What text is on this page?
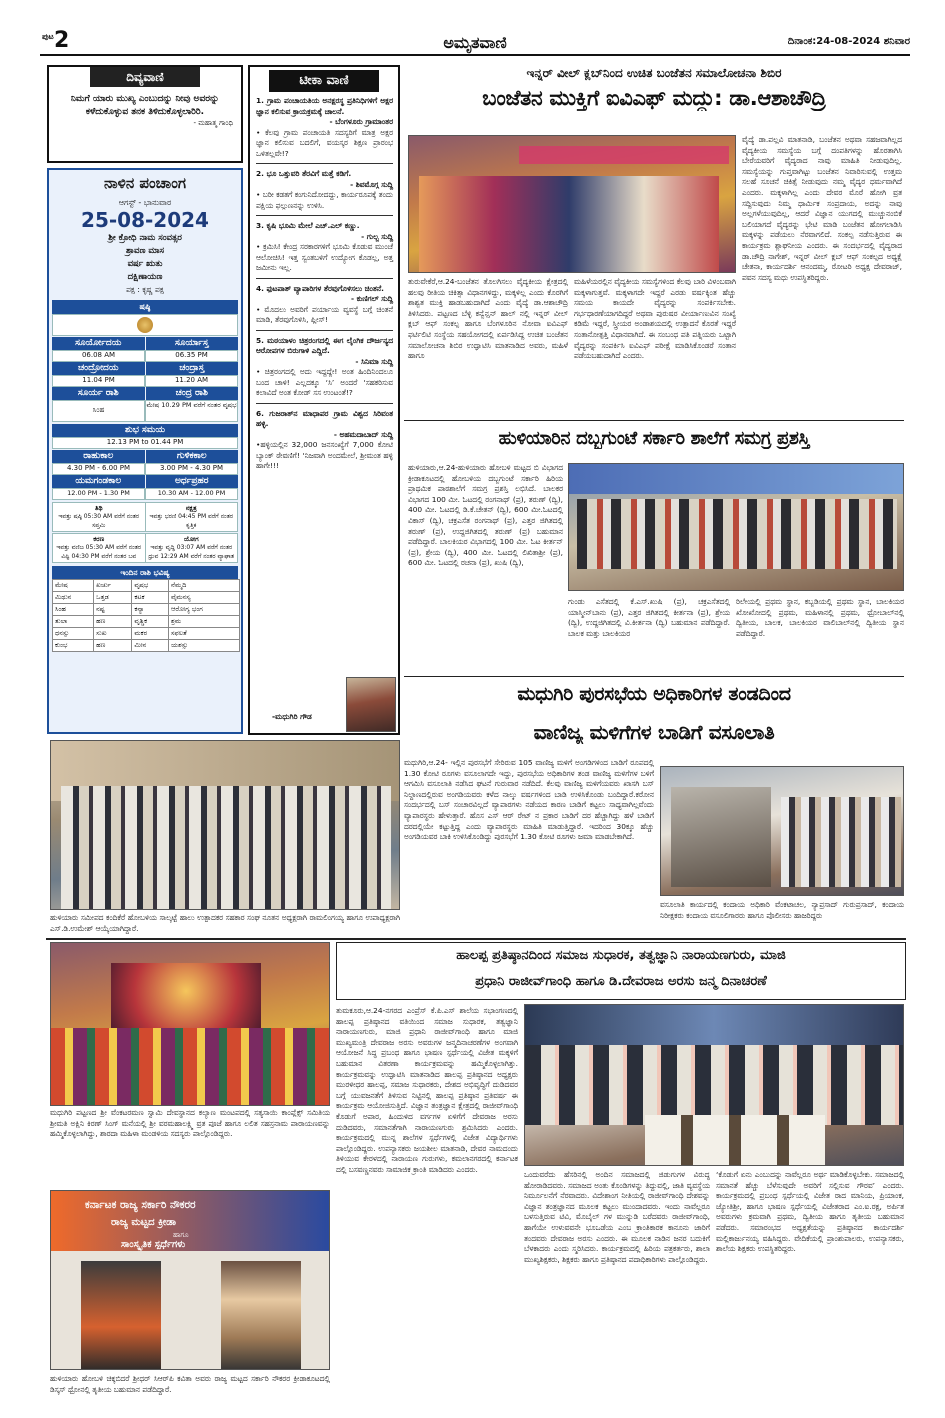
ಪುಟ 2	ಅಮೃತವಾಣಿ	ದಿನಾಂಕ:24-08-2024 ಶನಿವಾರ
ದಿವ್ಯವಾಣಿ
ನಿಮಗೆ ಯಾರು ಮುಖ್ಯ ಎಂಬುದನ್ನು ನೀವು ಅವರನ್ನು ಕಳೆದುಕೊಳ್ಳುವ ತನಕ ತಿಳಿದುಕೊಳ್ಳಲಾರಿರಿ.
- ಮಹಾತ್ಮ ಗಾಂಧಿ
ನಾಳಿನ ಪಂಚಾಂಗ
ಆಗಸ್ಟ್ - ಭಾನುವಾರ
25-08-2024
ಶ್ರೀ ಕ್ರೋಧಿ ನಾಮ ಸಂವತ್ಸರ
ಶ್ರಾವಣ ಮಾಸ
ವರ್ಷ ಋತು
ದಕ್ಷಿಣಾಯಣ
ಪಕ್ಷ : ಕೃಷ್ಣ ಪಕ್ಷ
ಷಷ್ಠಿ
ಸೂರ್ಯೋದಯ	ಸೂರ್ಯಾಸ್ತ
06.08 AM	06.35 PM
ಚಂದ್ರೋದಯ	ಚಂದ್ರಾಸ್ತ
11.04 PM	11.20 AM
ಸೂರ್ಯ ರಾಶಿ	ಚಂದ್ರ ರಾಶಿ
ಸಿಂಹ
ಮೇಷ 10.29 PM ವರೆಗೆ ನಂತರ ವೃಷಭ
ಶುಭ ಸಮಯ
12.13 PM to 01.44 PM
ರಾಹುಕಾಲ	ಗುಳಿಕಕಾಲ
4.30 PM - 6.00 PM	3.00 PM - 4.30 PM
ಯಮಗಂಡಕಾಲ	ಅರ್ಧಪ್ರಹರ
12.00 PM - 1.30 PM	10.30 AM - 12.00 PM
ತಿಥಿ
ಇವತ್ತು ಷಷ್ಠಿ 05:30 AM ವರೆಗೆ ನಂತರ ಸಪ್ತಮಿ
ನಕ್ಷತ್ರ
ಇವತ್ತು ಭರಣಿ 04:45 PM ವರೆಗೆ ನಂತರ ಕೃತ್ತಿಕ
ಕರಣ
ಇವತ್ತು ವಣಿಜ 05:30 AM ವರೆಗೆ ನಂತರ ವಿಷ್ಟಿ 04:30 PM ವರೆಗೆ ನಂತರ ಬವ
ಯೋಗ
ಇವತ್ತು ವೃದ್ಧಿ 03:07 AM ವರೆಗೆ ನಂತರ ಧ್ರುವ 12:29 AM ವರೆಗೆ ನಂತರ ವ್ಯಾಘಾತ
ಇಂದಿನ ರಾಶಿ ಭವಿಷ್ಯ
ಮೇಷ	ಖರ್ಚು	ವೃಷಭ	ನೆಮ್ಮದಿ
ಮಿಥುನ	ಒತ್ತಡ	ಕಟಕ	ವೈಮನಸ್ಯ
ಸಿಂಹ	ನಷ್ಟ	ಕನ್ಯಾ	ಆರೋಗ್ಯ ಭಂಗ
ತುಲಾ	ಹಣ	ವೃಶ್ಚಿಕ	ಶ್ರಮ
ಧನಸ್ಸು	ಸುಖ	ಮಕರ	ಸಫಲತೆ
ಕುಂಭ	ಹಣ	ಮೀನ	ಯಶಸ್ಸು
ಟೀಕಾ ವಾಣಿ
1. ಗ್ರಾಮ ಪಂಚಾಯತಿಯ ಅನಕ್ಷರಸ್ಥ ಪ್ರತಿನಿಧಿಗಳಿಗೆ ಅಕ್ಷರ ಜ್ಞಾನ ಕಲಿಸುವ ಕ್ರಾಯಕ್ರಮಕ್ಕೆ ಚಾಲನೆ.
- ಬೆಂಗಳೂರು ಗ್ರಾಮಾಂತರ
• ಕೆಲವು ಗ್ರಾಮ ಪಂಚಾಯತಿ ಸದಸ್ಯರಿಗೆ ಮಾತ್ರ ಅಕ್ಷರ ಜ್ಞಾನ ಕಲಿಸುವ ಬದಲಿಗೆ, ವಯಸ್ಕರ ಶಿಕ್ಷಣ ಪ್ರಾರಂಭ ಒಳಿತಲ್ಲವೇ!?
2. ಭೂ ಒತ್ತುವರಿ ತೆರವಿಗೆ ಮತ್ತೆ ಕಡಿಗೆ.
- ಶಿವಮೊಗ್ಗ ಸುದ್ದಿ
• ಬರೀ ಕಡತಗೆ ಕಂಗುನಿದೋದದ್ದು, ಕಾರ್ಯರೂಪಕ್ಕೆ ತಂದು ಪಕ್ಷಿಯ ಫಲ್ಗುಣನನ್ನು ಉಳಿಸಿ.
3. ಕೃಷಿ ಭೂಮಿ ಮೇಲೆ ಎಚ್.ಎಲ್ ಕಣ್ಣು.
- ಗುಲ್ಬ ಸುದ್ದಿ
• ಕ್ರಮಿಸಿ! ಕೇಂದ್ರ ಸರಕಾರಗಳಿಗೆ ಭೂಮಿ ಕೊಡುವ ಮುಂಚೆ ಆಲೋಚಿಸಿ! ಇತ್ತ ಸ್ವಂತಬಳಿಗೆ ಉದ್ಯೋಗ ಕೊಡಲ್ಲ, ಅತ್ತ ಜಮೀನು ಇಲ್ಲ.
4. ಫುಟಪಾತ್ ವ್ಯಾಪಾರಿಗಳ ತೆರವುಗೊಳಿಸಲು ಚಿಂತನೆ.
- ಕುಣಿಗಲ್ ಸುದ್ದಿ
• ಮೊದಲು ಅವರಿಗೆ ಪರ್ಯಾಯ ವ್ಯವಸ್ಥೆ ಬಗ್ಗೆ ಚಿಂತನೆ ಮಾಡಿ, ತೆರವುಗೊಳಿಸಿ, ಪ್ಲೀಸ್!
5. ಮಠಯಾಳಂ ಚಿತ್ರರಂಗದಲ್ಲಿ ಈಗ ಲೈಂಗಿಕ ದೌರ್ಜನ್ಯದ ಆರೋಪಗಳ ಬಿರುಗಾಳಿ ಎದ್ದಿದೆ.
- ಸಿನಿಮಾ ಸುದ್ದಿ
• ಚಿತ್ರರಂಗದಲ್ಲಿ ಅದು ಇದ್ದದ್ದೇ! ಅಂತ ಹಿಂದಿನಿಂದಲೂ ಬಂದ ಚಾಳಿ! ಎಲ್ಲದಕ್ಕೂ ‘ಸಿ’ ಅಂದರೆ ‘ಸಹಕರಿಸುವ ಕಲಾವಿದೆ ಅಂತ ಕೋಡ್ ಸಸ ಉಂಟಂತೆ!?
6. ಗುಜರಾತ್‌ನ ಮಾಧಾಪರ ಗ್ರಾಮ ವಿಶ್ವದ ಸಿರಿವಂತ ಹಳ್ಳಿ.
- ಅಹಮದಾಬಾದ್ ಸುದ್ದಿ
•ಹಳ್ಳಿಯಲ್ಲಿನ 32,000 ಜನಸಂಖ್ಯೆಗೆ 7,000 ಕೋಟಿ ಬ್ಯಾಂಕ್ ಠೇವಣಿಗೆ! ‘ನಿಜವಾಗಿ ಅಂದಮೇಲೆ, ಶ್ರೀಮಂತ ಹಳ್ಳಿ ಹಾಗೇ!!!
-ಮಧುಗಿರಿ ಗೌಡ
ಇನ್ನರ್ ವೀಲ್ ಕ್ಲಬ್‌ನಿಂದ ಉಚಿತ ಬಂಜೆತನ ಸಮಾಲೋಚನಾ ಶಿಬಿರ
ಬಂಜೆತನ ಮುಕ್ತಿಗೆ ಐವಿಎಫ್ ಮದ್ದು: ಡಾ.ಆಶಾಚೌದ್ರಿ
ತುರುವೇಕೆರೆ,ಆ.24-ಬಂಜೆತನ ತೊಲಗಿಸಲು ವೈದ್ಯಕೀಯ ಕ್ಷೇತ್ರದಲ್ಲಿ ಹಲವು ರೀತಿಯ ಚಿಕಿತ್ಸಾ ವಿಧಾನಗಳಿದ್ದು, ಮಕ್ಕಳಿಲ್ಲ ಎಂದು ಕೊರಗಿಗೆ ಶಾಶ್ವತ ಮುಕ್ತಿ ಹಾಡಬಹುದಾಗಿದೆ ಎಂದು ವೈದ್ಯೆ ಡಾ.ಆಶಾಚೌದ್ರಿ ತಿಳಿಸಿದರು. ಪಟ್ಟಣದ ಬೆಳ್ಳಿ ಕನ್ವೆನ್ಷನ್ ಹಾಲ್ ನಲ್ಲಿ ಇನ್ನರ್ ವೀಲ್ ಕ್ಲಬ್ ಆಫ್ ಸಂಕಲ್ಪ ಹಾಗೂ ಬೆಂಗಳೂರಿನ ನೋವಾ ಐವಿಎಫ್ ಫರ್ಟಿಲಿಟಿ ಸಂಸ್ಥೆಯ ಸಹಯೋಗದಲ್ಲಿ ಏರ್ಪಡಿಸಿದ್ದ ಉಚಿತ ಬಂಜೆತನ ಸಮಾಲೋಚನಾ ಶಿಬಿರ ಉದ್ಘಾಟಿಸಿ ಮಾತನಾಡಿದ ಅವರು, ಮಹಿಳೆ ಹಾಗೂ
ಮಹಿಳೆಯರಲ್ಲಿನ ವೈದ್ಯಕೀಯ ಸಮಸ್ಯೆಗಳಿಂದ ಕೆಲವು ಬಾರಿ ವಿಳಂಬವಾಗಿ ಮಕ್ಕಳಾಗುತ್ತವೆ. ಮಕ್ಕಳಾಗದೇ ಇದ್ದರೆ ಎರಡು ವರ್ಷಕ್ಕಿಂತ ಹೆಚ್ಚು ಸಮಯ ಕಾಯದೇ ವೈದ್ಯರನ್ನು ಸಂಪರ್ಕಿಸಬೇಕು. ಗರ್ಭಧಾರಣೆಯಾಗದಿದ್ದರೆ ಅಥವಾ ಪುರುಷರ ವೀರ್ಯಾಣುವಿನ ಸಂಖ್ಯೆ ಕಡಿಮೆ ಇದ್ದರೆ, ಸ್ತ್ರೀಯರ ಅಂಡಾಶಯದಲ್ಲಿ ಉತ್ಪಾದನೆ ಕೊರತೆ ಇದ್ದರೆ ಸಂತಾನೋತ್ಪತ್ತಿ ವಿಧಾನವಾಗಿದೆ. ಈ ಸಂಬಂಧ ಪತಿ ಪತ್ನಿಯರು ಒಟ್ಟಾಗಿ ವೈದ್ಯರನ್ನು ಸಂಪರ್ಕಿಸಿ ಐವಿಎಫ್ ಪರೀಕ್ಷೆ ಮಾಡಿಸಿಕೊಂಡರೆ ಸಂತಾನ ಪಡೆಯಬಹುದಾಗಿದೆ ಎಂದರು.
ವೈದ್ಯೆ ಡಾ.ಪಲ್ಲವಿ ಮಾತನಾಡಿ, ಬಂಜೆತನ ಅಥವಾ ಸಹಜವಾಗಿಲ್ಲದ ವೈದ್ಯಕೀಯ ಸಮಸ್ಯೆಯ ಬಗ್ಗೆ ದಂಪತಿಗಳನ್ನು ಹೊರತಾಗಿಸಿ ಬೇರೆಯವರಿಗೆ ವೈದ್ಯರಾದ ನಾವು ಮಾಹಿತಿ ನೀಡುವುದಿಲ್ಲ. ಸಮಸ್ಯೆಯನ್ನು ಗುಪ್ತವಾಗಿಟ್ಟು ಬಂಜೆತನ ನಿವಾರಿಸುವಲ್ಲಿ ಉತ್ತಮ ಸಲಹೆ ಸೂಚನೆ ಚಿಕಿತ್ಸೆ ನೀಡುವುದು ನಮ್ಮ ವೈದ್ಯರ ಧರ್ಮವಾಗಿದೆ ಎಂದರು. ಮಕ್ಕಳಾಗಿಲ್ಲ ಎಂದು ದೇವರ ಮೊರೆ ಹೋಗಿ ವ್ರತ ಸದ್ದಿಸುವುದು ನಿಮ್ಮ ಧಾರ್ಮಿಕ ಸಂಪ್ರದಾಯ, ಅದನ್ನು ನಾವು ಅಲ್ಲಗಳೆಯುವುದಿಲ್ಲ, ಆದರೆ ವಿಜ್ಞಾನ ಯುಗದಲ್ಲಿ ಮುಚ್ಚುನಂಬಿಕೆ ಬಲಿಯಾಗದೆ ವೈದ್ಯರನ್ನು ಭೇಟಿ ಮಾಡಿ ಬಂಜೆತನ ಹೋಗಲಾಡಿಸಿ ಮಕ್ಕಳನ್ನು ಪಡೆಯಲು ನೆರವಾಗಲಿದೆ. ಸಂಕಲ್ಪ ನಡೆಸುತ್ತಿರುವ ಈ ಕಾರ್ಯಕ್ರಮ ಶ್ಲಾಘನೀಯ ಎಂದರು. ಈ ಸಂದರ್ಭದಲ್ಲಿ ವೈದ್ಯರಾದ ಡಾ.ಚೌದ್ರಿ ನಾಗೇಶ್, ಇನ್ನರ್ ವೀಲ್ ಕ್ಲಬ್ ಆಫ್ ಸಂಕಲ್ಪದ ಅಧ್ಯಕ್ಷೆ ಚೇತನಾ, ಕಾರ್ಯದರ್ಶಿ ಆನಂದಮ್ಮ, ರೋಟರಿ ಅಧ್ಯಕ್ಷ ದೇವರಾಜ್, ಪವನ ಸದಸ್ಯ ಮಧು ಉಪಸ್ಥಿತರಿದ್ದರು.
ಹುಳಿಯಾರಿನ ದಬ್ಬಗುಂಟೆ ಸರ್ಕಾರಿ ಶಾಲೆಗೆ ಸಮಗ್ರ ಪ್ರಶಸ್ತಿ
ಹುಳಿಯಾರು,ಆ.24-ಹುಳಿಯಾರು ಹೋಬಳಿ ಮಟ್ಟದ ಬಿ ವಿಭಾಗದ ಕ್ರೀಡಾಕೂಟದಲ್ಲಿ ಹೋಬಳಿಯ ದಬ್ಬಗುಂಟೆ ಸರ್ಕಾರಿ ಹಿರಿಯ ಪ್ರಾಥಮಿಕ ಪಾಠಶಾಲೆಗೆ ಸಮಗ್ರ ಪ್ರಶಸ್ತಿ ಲಭಿಸಿದೆ. ಬಾಲಕರ ವಿಭಾಗದ 100 ಮೀ. ಓಟದಲ್ಲಿ ರಂಗನಾಥ್ (ಪ್ರ), ತರುಣ್ (ದ್ವಿ), 400 ಮೀ. ಓಟದಲ್ಲಿ ಡಿ.ಕೆ.ಚೇತನ್ (ದ್ವಿ), 600 ಮೀ.ಓಟದಲ್ಲಿ ವಿಕಾಸ್ (ದ್ವಿ), ಚಕ್ರಎಸೆತ ರಂಗನಾಥ್ (ಪ್ರ), ಎತ್ತರ ಜಿಗಿತದಲ್ಲಿ ತರುಣ್ (ಪ್ರ), ಉದ್ದಜಿಗಿತದಲ್ಲಿ ತರುಣ್ (ಪ್ರ) ಬಹುಮಾನ ಪಡೆದಿದ್ದಾರೆ. ಬಾಲಕಿಯರ ವಿಭಾಗದಲ್ಲಿ 100 ಮೀ. ಓಟ ಕೀರ್ತನ್ (ಪ್ರ), ಶ್ರೇಯ (ದ್ವಿ), 400 ಮೀ. ಓಟದಲ್ಲಿ ಲಿಖಿತಾಶ್ರೀ (ಪ್ರ), 600 ಮೀ. ಓಟದಲ್ಲಿ ರಚನಾ (ಪ್ರ), ಖುಷಿ (ದ್ವಿ),
ಗುಂಡು ಎಸೆತದಲ್ಲಿ ಕೆ.ಎಸ್.ಖುಷಿ (ಪ್ರ), ಚಕ್ರಎಸೆತದಲ್ಲಿ ಯಾಸ್ಮೀನ್‌ಬಾನು (ಪ್ರ), ಎತ್ತರ ಜಿಗಿತದಲ್ಲಿ ಕೀರ್ತನಾ (ಪ್ರ), ಶ್ರೇಯ (ದ್ವಿ), ಉದ್ದಜಿಗಿತದಲ್ಲಿ ವಿ.ಕೀರ್ತನಾ (ದ್ವಿ) ಬಹುಮಾನ ಪಡೆದಿದ್ದಾರೆ. ಬಾಲಕ ಮತ್ತು ಬಾಲಕಿಯರ
ರಿಲೇಯಲ್ಲಿ ಪ್ರಥಮ ಸ್ಥಾನ, ಕಬ್ಬಡಿಯಲ್ಲಿ ಪ್ರಥಮ ಸ್ಥಾನ, ಬಾಲಕಿಯರ ಖೋಖೋದಲ್ಲಿ ಪ್ರಥಮ, ಮಹಿಳಾನಲ್ಲಿ ಪ್ರಥಮ, ಥ್ರೋಬಾಲ್‌ನಲ್ಲಿ ದ್ವಿತೀಯ, ಬಾಲಕ, ಬಾಲಕಿಯರ ವಾಲಿಬಾಲ್‌ನಲ್ಲಿ ದ್ವಿತೀಯ ಸ್ಥಾನ ಪಡೆದಿದ್ದಾರೆ.
ಮಧುಗಿರಿ ಪುರಸಭೆಯ ಅಧಿಕಾರಿಗಳ ತಂಡದಿಂದ
ವಾಣಿಜ್ಯ ಮಳಿಗೆಗಳ ಬಾಡಿಗೆ ವಸೂಲಾತಿ
ಹುಳಿಯಾರು ಸಮೀಪದ ಕಂದಿಕೆರೆ ಹೋಬಳಿಯ ಸಾಲ್ಕಟ್ಟೆ ಹಾಲು ಉತ್ಪಾದಕರ ಸಹಕಾರ ಸಂಘ ನೂತನ ಅಧ್ಯಕ್ಷರಾಗಿ ರಾಮಲಿಂಗಯ್ಯ ಹಾಗೂ ಉಪಾಧ್ಯಕ್ಷರಾಗಿ ಎಸ್.ಡಿ.ಉಮೇಶ್ ಆಯ್ಕೆಯಾಗಿದ್ದಾರೆ.
ಮಧುಗಿರಿ,ಆ.24- ಇಲ್ಲಿನ ಪುರಸಭೆಗೆ ಸೇರಿರುವ 105 ವಾಣಿಜ್ಯ ಮಳಿಗೆ ಅಂಗಡಿಗಳಿಂದ ಬಾಡಿಗೆ ರೂಪದಲ್ಲಿ 1.30 ಕೋಟಿ ರೂಗಳು ವಸೂಲಾಗದೇ ಇದ್ದು, ಪುರಸಭೆಯ ಅಧಿಕಾರಿಗಳ ತಂಡ ವಾಣಿಜ್ಯ ಮಳಿಗೆಗಳ ಬಳಿಗೆ ಆಗಮಿಸಿ ವಸೂಲಾತಿ ನಡೆಸಿದ ಘಟನೆ ಗುರುವಾರ ನಡೆದಿದೆ. ಕೆಲವು ವಾಣಿಜ್ಯ ಮಳಿಗೆಯವರು ಖಾಸಗಿ ಬಸ್ ನಿಲ್ದಾಣದಲ್ಲಿರುವ ಅಂಗಡಿಯವರು ಕಳೆದ ನಾಲ್ಕು ವರ್ಷಗಳಿಂದ ಬಾಡಿ ಉಳಿಸಿಕೊಂಡು ಬಂದಿದ್ದಾರೆ.ಕರೋನ ಸಂದರ್ಭದಲ್ಲಿ ಬಸ್ ಸಂಚಾರವಿಲ್ಲದೆ ವ್ಯಾಪಾರಗಳು ನಡೆಯದ ಕಾರಣ ಬಾಡಿಗೆ ಕಟ್ಟಲು ಸಾಧ್ಯವಾಗಿಲ್ಲವೆಂದು ವ್ಯಾಪಾರಸ್ಥರು ಹೇಳುತ್ತಾರೆ. ಹೊಸ ಎಸ್ ಆರ್ ರೇಟ್ ನ ಪ್ರಕಾರ ಬಾಡಿಗೆ ದರ ಹೆಚ್ಚಾಗಿದ್ದು ಹಳೆ ಬಾಡಿಗೆ ದರದಲ್ಲಿಯೇ ಕಟ್ಟುತ್ತಿದ್ದ ಎಂದು ವ್ಯಾಪಾರಸ್ಥರು ಮಾಹಿತಿ ಮಾಡುತ್ತಿದ್ದಾರೆ. ಇದರಿಂದ 30ಕ್ಕೂ ಹೆಚ್ಚು ಅಂಗಡಿಯವರ ಬಾಕಿ ಉಳಿಸಿಕೊಂಡಿದ್ದು ಪುರಸಭೆಗೆ 1.30 ಕೋಟಿ ರೂಗಳು ಜಮಾ ಮಾಡಬೇಕಾಗಿದೆ.
ವಸೂಲಾತಿ ಕಾರ್ಯದಲ್ಲಿ ಕಂದಾಯ ಅಧಿಕಾರಿ ವೆಂಕಟಾಚಲ, ನ್ಯಾಪ್ರಸಾದ್ ಗುರುಪ್ರಸಾದ್, ಕಂದಾಯ ನಿರೀಕ್ಷಕರು ಕಂದಾಯ ವಸೂಲಿಗಾರರು ಹಾಗೂ ಪೊಲೀಸರು ಹಾಜರಿದ್ದರು
ಹಾಲಪ್ಪ ಪ್ರತಿಷ್ಠಾನದಿಂದ ಸಮಾಜ ಸುಧಾರಕ, ತತ್ವಜ್ಞಾನಿ ನಾರಾಯಣಗುರು, ಮಾಜಿ
ಪ್ರಧಾನಿ ರಾಜೀವ್‌ಗಾಂಧಿ ಹಾಗೂ ಡಿ.ದೇವರಾಜ ಅರಸು ಜನ್ಮ ದಿನಾಚರಣೆ
ಮಧುಗಿರಿ ಪಟ್ಟಣದ ಶ್ರೀ ವೆಂಕಟರಮಣ ಸ್ವಾಮಿ ದೇವಸ್ಥಾನದ ಕಲ್ಯಾಣ ಮಂಟಪದಲ್ಲಿ ಸತ್ಯಸಾಯಿ ಕಾಂಪ್ಲೆಕ್ಸ್ ಸಮಿತಿಯ ಶ್ರೀಮತಿ ಅಕ್ಷಿನಿ ಕಿರಣ್ ಸಿಂಗ್ ಮನೆಯಲ್ಲಿ ಶ್ರೀ ವರಮಹಾಲಕ್ಷ್ಮಿ ವ್ರತ ಪೂಜೆ ಹಾಗೂ ಲಲಿತ ಸಹಸ್ರನಾಮ ಪಾರಾಯಣವನ್ನು ಹಮ್ಮಿಕೊಳ್ಳಲಾಗಿದ್ದು, ಶಾರದಾ ಮಹಿಳಾ ಮಂಡಳಿಯ ಸದಸ್ಯರು ಪಾಲ್ಗೊಂಡಿದ್ದರು.
ಕರ್ನಾಟಕ ರಾಜ್ಯ ಸರ್ಕಾರಿ ನೌಕರರ
ರಾಜ್ಯ ಮಟ್ಟದ ಕ್ರೀಡಾ
ಹಾಗೂ
ಸಾಂಸ್ಕೃತಿಕ ಸ್ಪರ್ಧೆಗಳು
ಹುಳಿಯಾರು ಹೋಬಳಿ ಚಿಕ್ಕಬಿದರೆ ಶ್ರೀಧರ್ ಸಿಆರ್‌ಪಿ ಕವಿತಾ ಅವರು ರಾಜ್ಯ ಮಟ್ಟದ ಸರ್ಕಾರಿ ನೌಕರರ ಕ್ರೀಡಾಕೂಟದಲ್ಲಿ ಡಿಸ್ಕಸ್ ಥ್ರೋನಲ್ಲಿ ತೃತೀಯ ಬಹುಮಾನ ಪಡೆದಿದ್ದಾರೆ.
ತುಮಕೂರು,ಆ.24-ನಗರದ ಎಂಪ್ರೆಸ್ ಕೆ.ಪಿ.ಎಸ್ ಶಾಲೆಯ ಸಭಾಂಗಣದಲ್ಲಿ ಹಾಲಪ್ಪ ಪ್ರತಿಷ್ಠಾನದ ವತಿಯಿಂದ ಸಮಾಜ ಸುಧಾರಕ, ತತ್ವಜ್ಞಾನಿ ನಾರಾಯಣಗುರು, ಮಾಜಿ ಪ್ರಧಾನಿ ರಾಜೀವ್‌ಗಾಂಧಿ ಹಾಗೂ ಮಾಜಿ ಮುಖ್ಯಮಂತ್ರಿ ದೇವರಾಜ ಅರಸು ಅವರುಗಳ ಜನ್ಮದಿನಾಚರಣೆಗಳ ಅಂಗವಾಗಿ ಆಯೋಜನೆ ಸಿದ್ಧ ಪ್ರಬಂಧ ಹಾಗೂ ಭಾಷಣ ಸ್ಪರ್ಧೆಯಲ್ಲಿ ವಿಜೇತ ಮಕ್ಕಳಿಗೆ ಬಹುಮಾನ ವಿತರಣಾ ಕಾರ್ಯಕ್ರಮವನ್ನು ಹಮ್ಮಿಕೊಳ್ಳಲಾಗಿತ್ತು. ಕಾರ್ಯಕ್ರಮವನ್ನು ಉದ್ಘಾಟಿಸಿ ಮಾತನಾಡಿದ ಹಾಲಪ್ಪ ಪ್ರತಿಷ್ಠಾನದ ಅಧ್ಯಕ್ಷರು ಮುರಳೀಧರ ಹಾಲಪ್ಪ, ಸಮಾಜ ಸುಧಾರಕರು, ದೇಶದ ಅಭಿವೃದ್ಧಿಗೆ ದುಡಿದವರ ಬಗ್ಗೆ ಯುವಜನತೆಗೆ ತಿಳಿಸುವ ನಿಟ್ಟಿನಲ್ಲಿ ಹಾಲಪ್ಪ ಪ್ರತಿಷ್ಠಾನ ಪ್ರತಿವರ್ಷ ಈ ಕಾರ್ಯಕ್ರಮ ಆಯೋಜಿಸುತ್ತಿದೆ. ವಿಜ್ಞಾನ ತಂತ್ರಜ್ಞಾನ ಕ್ಷೇತ್ರದಲ್ಲಿ ರಾಜೀವ್‌ಗಾಂಧಿ ಕೊಡುಗೆ ಅಪಾರ, ಹಿಂದುಳಿದ ವರ್ಗಗಳ ಏಳಿಗೆಗೆ ದೇವರಾಜ ಅರಸು ದುಡಿದವರು, ಸಮಾನತೆಗಾಗಿ ನಾರಾಯಣಗುರು ಶ್ರಮಿಸಿದರು ಎಂದರು. ಕಾರ್ಯಕ್ರಮದಲ್ಲಿ ಮುನ್ನ ಶಾಲೆಗಳ ಸ್ಪರ್ಧೆಗಳಲ್ಲಿ ವಿಜೇತ ವಿದ್ಯಾರ್ಥಿಗಳು ಪಾಲ್ಗೊಂಡಿದ್ದರು. ಉಪನ್ಯಾಸಕರು ಜಯಶೀಲ ಮಾತನಾಡಿ, ದೇವರ ನಾಮದಂದು ತಿಳಿಯುವ ಕೇರಳದಲ್ಲಿ ನಾರಾಯಣ ಗುರುಗಳು, ಕಮಲಾನಗರದಲ್ಲಿ ಕರ್ನಾಟಕ ದಲ್ಲಿ ಬಸವಣ್ಣನವರು ಸಾಮಾಜಿಕ ಕ್ರಾಂತಿ ಮಾಡಿದರು ಎಂದರು.
ಒಂದುವರೆದು ಹೆಸರಿನಲ್ಲಿ ಅಂದಿನ ಸಮಾಜದಲ್ಲಿ ಜಿಡುಗುಗಳ ವಿರುದ್ಧ ಹೋರಾಡಿದವರು. ಸಮಾಜದ ಅಂತು ಕೊಂಡಿಗಳನ್ನು ತಿದ್ದುವಲ್ಲಿ, ಜಾತಿ ವ್ಯವಸ್ಥೆಯ ನಿರ್ಮೂಲನೆಗೆ ನೆರವಾದರು. ವಿದೇಶಾಂಗ ನೀತಿಯಲ್ಲಿ ರಾಜೀವ್‌ಗಾಂಧಿ ದೇಶವನ್ನು ವಿಜ್ಞಾನ ತಂತ್ರಜ್ಞಾನದ ಮೂಲಕ ಕಟ್ಟಲು ಮುಂದಾದವರು. ಇಂದು ನಾವೆಲ್ಲರೂ ಬಳಸುತ್ತಿರುವ ಟಿವಿ, ಮೊಬೈಲ್ ಗಳ ಮುನ್ನುಡಿ ಬರೆದವರು ರಾಜೀವ್‌ಗಾಂಧಿ, ಹಾಗೆಯೇ ಉಳುವವನೇ ಭೂಒಡೆಯ ಎಂಬ ಕ್ರಾಂತಿಕಾರಕ ಕಾನೂನು ಜಾರಿಗೆ ತಂದವರು ದೇವರಾಜ ಅರಸು ಎಂದರು. ಈ ಮೂಲಕ ನಾಡಿನ ಜನರ ಬದುಕಿಗೆ ಬೆಳಕಾದರು ಎಂದು ಸ್ಮರಿಸಿದರು. ಕಾರ್ಯಕ್ರಮದಲ್ಲಿ ಹಿರಿಯ ಪತ್ರಕರ್ತರು, ಶಾಲಾ ಮುಖ್ಯಶಿಕ್ಷಕರು, ಶಿಕ್ಷಕರು ಹಾಗೂ ಪ್ರತಿಷ್ಠಾನದ ಪದಾಧಿಕಾರಿಗಳು ಪಾಲ್ಗೊಂಡಿದ್ದರು.
‘ಕೊಡುಗೆ ಏನು ಎಂಬುದನ್ನು ನಾವೆಲ್ಲರೂ ಅರ್ಥ ಮಾಡಿಕೊಳ್ಳಬೇಕು. ಸಮಾಜದಲ್ಲಿ ಸಮಾನತೆ ಹೆಚ್ಚು ಬೆಳೆಸುವುದೇ ಅವರಿಗೆ ಸಲ್ಲಿಸುವ ಗೌರವ’ ಎಂದರು. ಕಾರ್ಯಕ್ರಮದಲ್ಲಿ ಪ್ರಬಂಧ ಸ್ಪರ್ಧೆಯಲ್ಲಿ ವಿಜೇತ ರಾದ ಮಾನಿಯ, ಪ್ರಿಯಾಂಕ, ಜ್ಯೋತಿಶ್ರೀ, ಹಾಗೂ ಭಾಷಣ ಸ್ಪರ್ಧೆಯಲ್ಲಿ ವಿಜೇತರಾದ ಎಂ.ಐ.ರಕ್ಷ, ಅರ್ಪಿತ ಅವರುಗಳು ಕ್ರಮವಾಗಿ ಪ್ರಥಮ, ದ್ವಿತೀಯ ಹಾಗೂ ತೃತೀಯ ಬಹುಮಾನ ಪಡೆದರು. ಸಮಾರಂಭದ ಅಧ್ಯಕ್ಷತೆಯನ್ನು ಪ್ರತಿಷ್ಠಾನದ ಕಾರ್ಯದರ್ಶಿ ಮಲ್ಲಿಕಾರ್ಜುನಯ್ಯ ವಹಿಸಿದ್ದರು. ವೇದಿಕೆಯಲ್ಲಿ ಪ್ರಾಂಶುಪಾಲರು, ಉಪನ್ಯಾಸಕರು, ಶಾಲೆಯ ಶಿಕ್ಷಕರು ಉಪಸ್ಥಿತರಿದ್ದರು.
